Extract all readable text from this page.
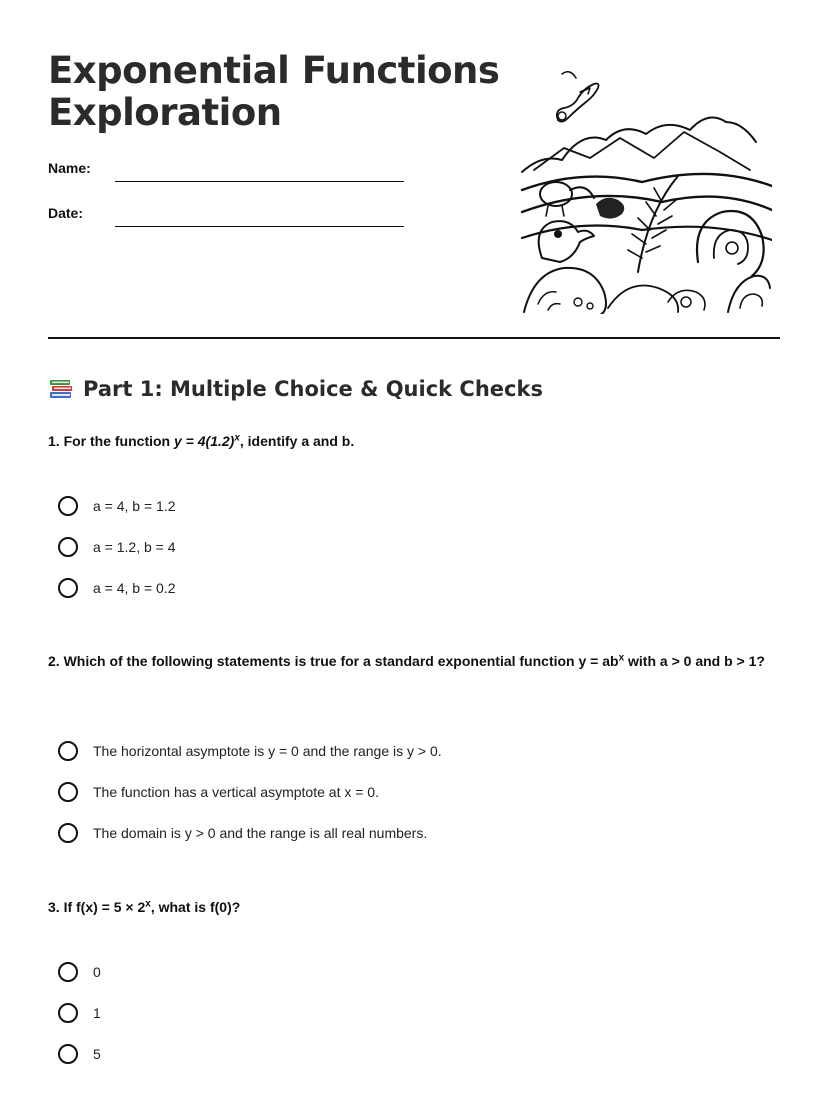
Exponential Functions
Exploration
Name:
Date:
Part 1: Multiple Choice & Quick Checks

1. For the function $y = 4(1.2)^x$, identify a and b.

a = 4, b = 1.2
a = 1.2, b = 4
a = 4, b = 0.2

2. Which of the following statements is true for a standard exponential function $y = ab^x$ with a > 0 and b > 1?

The horizontal asymptote is y = 0 and the range is y > 0.
The function has a vertical asymptote at x = 0.
The domain is y > 0 and the range is all real numbers.

3. If $f(x) = 5 \times 2^x$, what is f(0)?

0
1
5
